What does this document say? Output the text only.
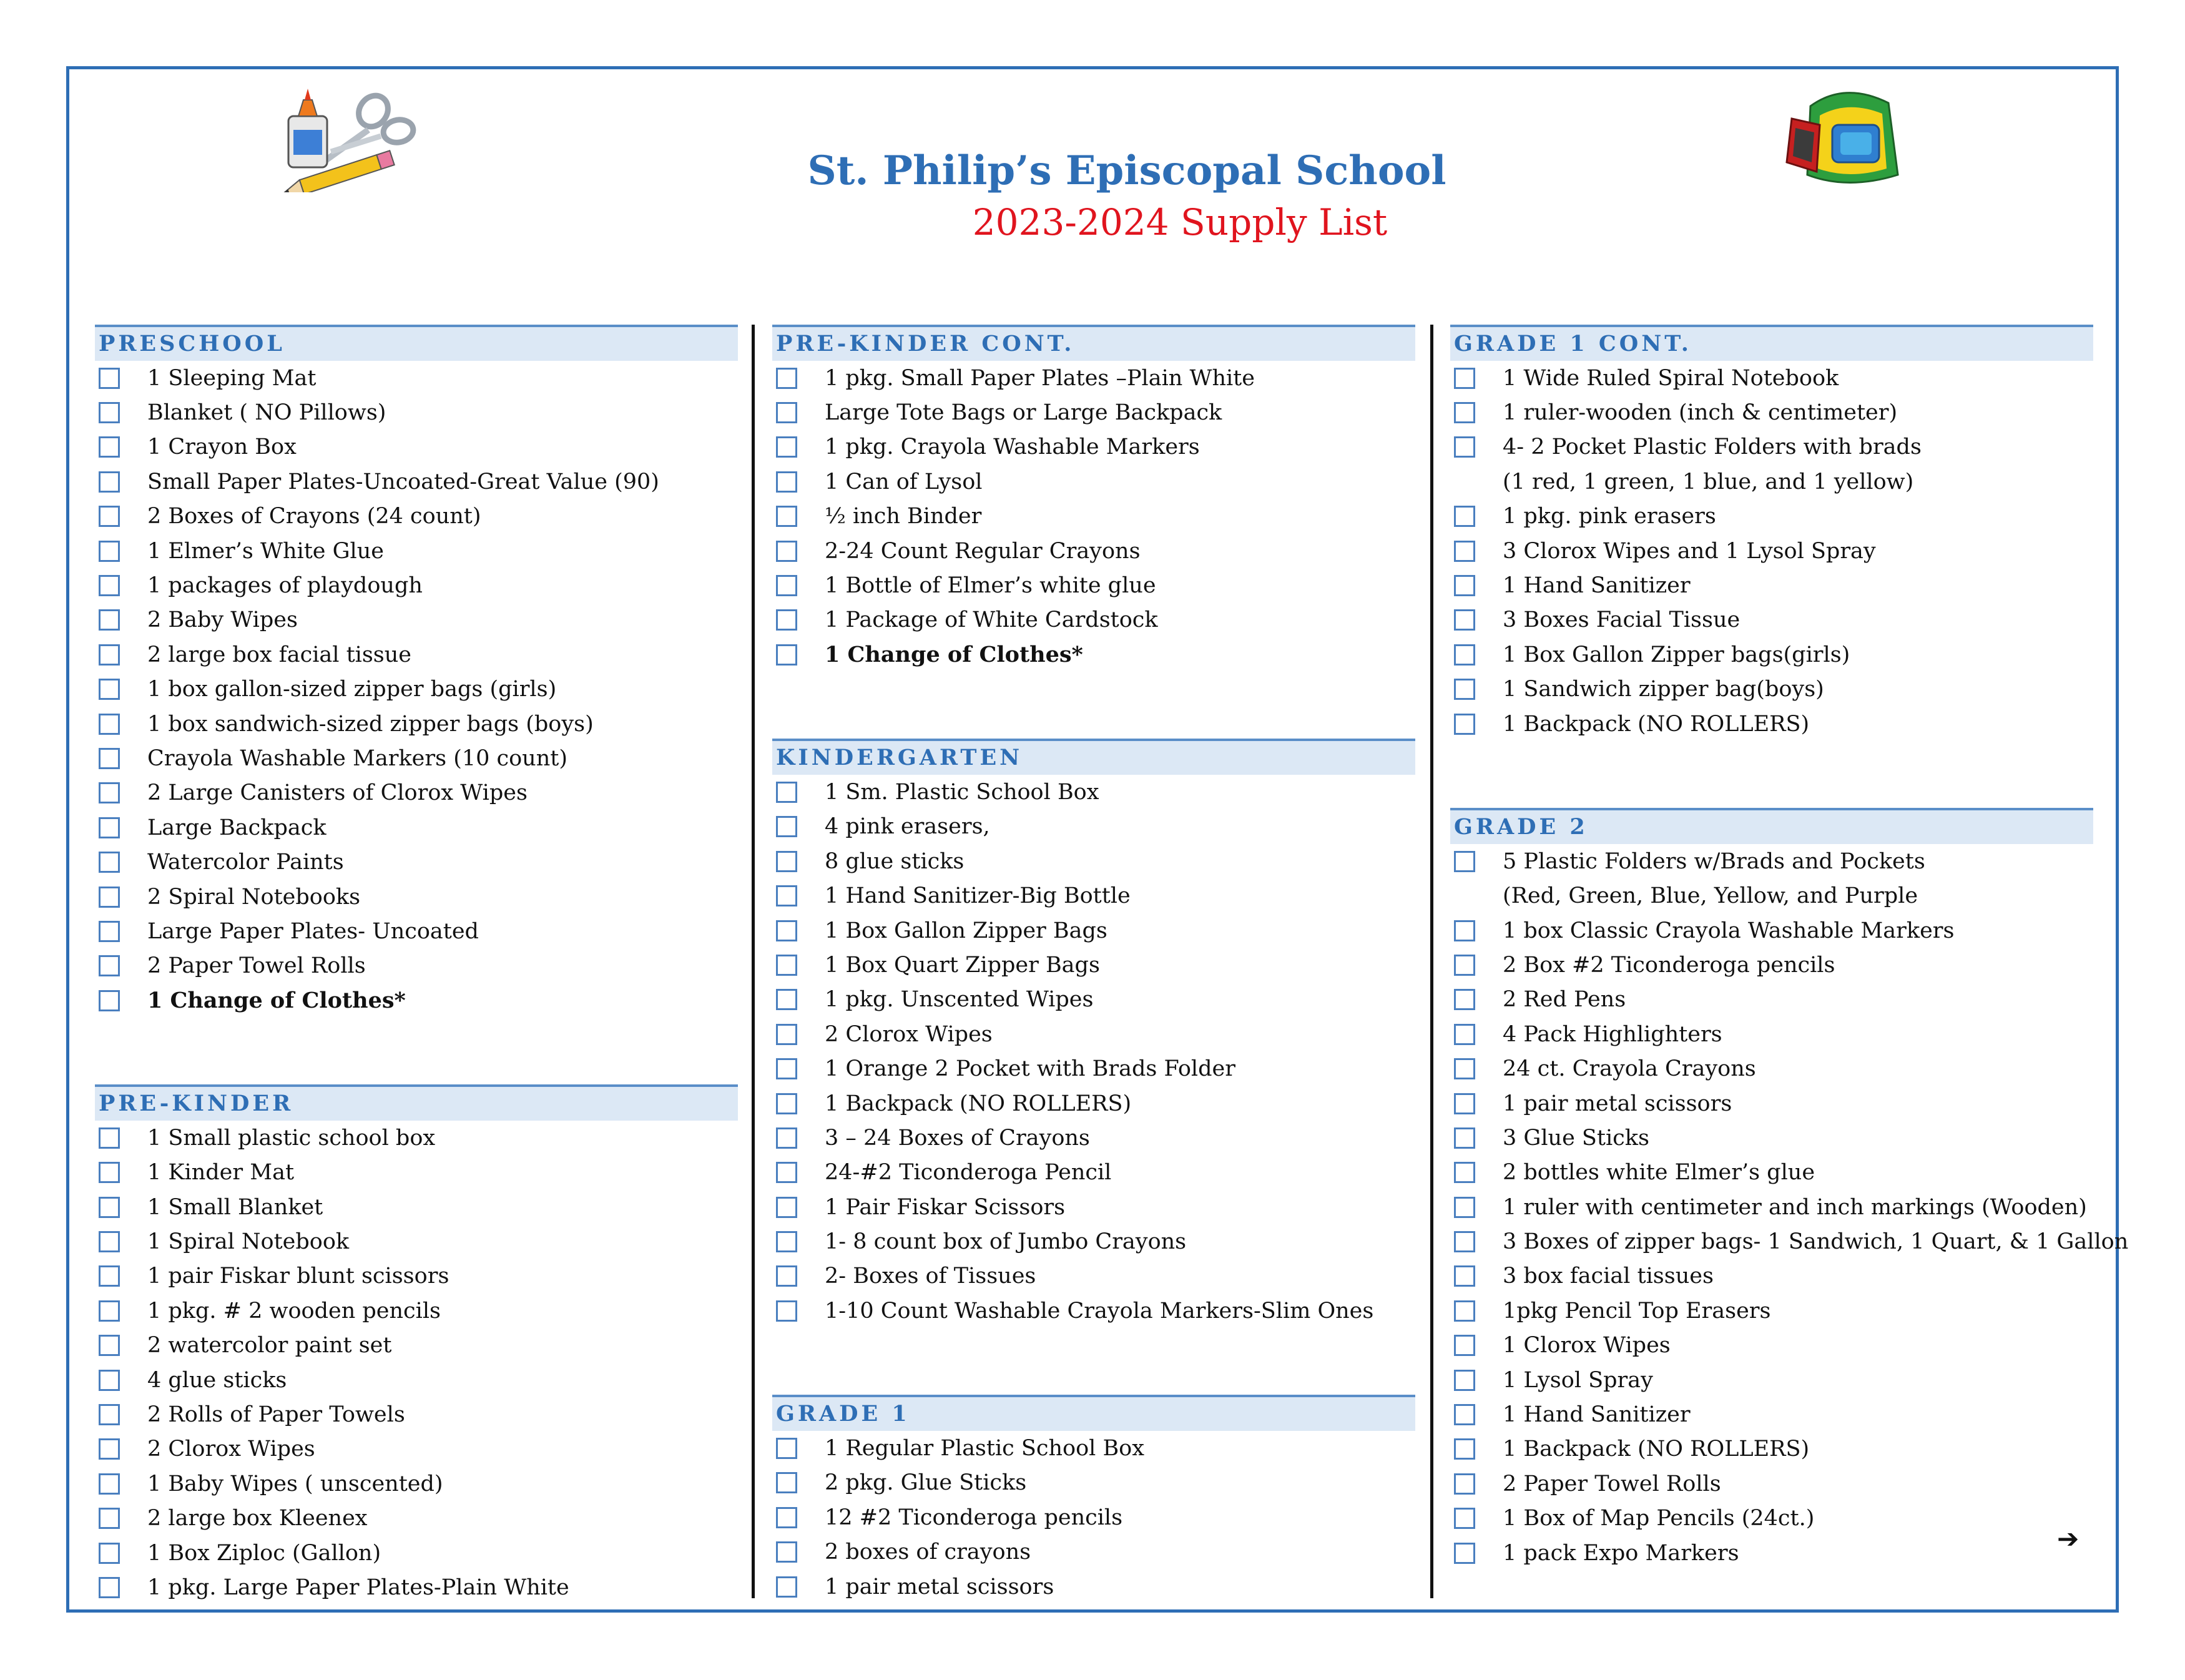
St. Philip’s Episcopal School
2023-2024 Supply List
PRESCHOOL
1 Sleeping Mat
Blanket ( NO Pillows)
1 Crayon Box
Small Paper Plates-Uncoated-Great Value (90)
2 Boxes of Crayons (24 count)
1 Elmer’s White Glue
1 packages of playdough
2 Baby Wipes
2 large box facial tissue
1 box gallon-sized zipper bags (girls)
1 box sandwich-sized zipper bags (boys)
Crayola Washable Markers (10 count)
2 Large Canisters of Clorox Wipes
Large Backpack
Watercolor Paints
2 Spiral Notebooks
Large Paper Plates- Uncoated
2 Paper Towel Rolls
1 Change of Clothes*
PRE-KINDER
1 Small plastic school box
1 Kinder Mat
1 Small Blanket
1 Spiral Notebook
1 pair Fiskar blunt scissors
1 pkg. # 2 wooden pencils
2 watercolor paint set
4 glue sticks
2 Rolls of Paper Towels
2 Clorox Wipes
1 Baby Wipes ( unscented)
2 large box Kleenex
1 Box Ziploc (Gallon)
1 pkg. Large Paper Plates-Plain White
PRE-KINDER CONT.
1 pkg. Small Paper Plates –Plain White
Large Tote Bags or Large Backpack
1 pkg. Crayola Washable Markers
1 Can of Lysol
½ inch Binder
2-24 Count Regular Crayons
1 Bottle of Elmer’s white glue
1 Package of White Cardstock
1 Change of Clothes*
KINDERGARTEN
1 Sm. Plastic School Box
4 pink erasers,
8 glue sticks
1 Hand Sanitizer-Big Bottle
1 Box Gallon Zipper Bags
1 Box Quart Zipper Bags
1 pkg. Unscented Wipes
2 Clorox Wipes
1 Orange 2 Pocket with Brads Folder
1 Backpack (NO ROLLERS)
3 – 24 Boxes of Crayons
24-#2 Ticonderoga Pencil
1 Pair Fiskar Scissors
1- 8 count box of Jumbo Crayons
2- Boxes of Tissues
1-10 Count Washable Crayola Markers-Slim Ones
GRADE 1
1 Regular Plastic School Box
2 pkg. Glue Sticks
12 #2 Ticonderoga pencils
2 boxes of crayons
1 pair metal scissors
GRADE 1 CONT.
1 Wide Ruled Spiral Notebook
1 ruler-wooden (inch & centimeter)
4- 2 Pocket Plastic Folders with brads
(1 red, 1 green, 1 blue, and 1 yellow)
1 pkg. pink erasers
3 Clorox Wipes and 1 Lysol Spray
1 Hand Sanitizer
3 Boxes Facial Tissue
1 Box Gallon Zipper bags(girls)
1 Sandwich zipper bag(boys)
1 Backpack (NO ROLLERS)
GRADE 2
5 Plastic Folders w/Brads and Pockets
(Red, Green, Blue, Yellow, and Purple
1 box Classic Crayola Washable Markers
2 Box #2 Ticonderoga pencils
2 Red Pens
4 Pack Highlighters
24 ct. Crayola Crayons
1 pair metal scissors
3 Glue Sticks
2 bottles white Elmer’s glue
1 ruler with centimeter and inch markings (Wooden)
3 Boxes of zipper bags- 1 Sandwich, 1 Quart, & 1 Gallon
3 box facial tissues
1pkg Pencil Top Erasers
1 Clorox Wipes
1 Lysol Spray
1 Hand Sanitizer
1 Backpack (NO ROLLERS)
2 Paper Towel Rolls
1 Box of Map Pencils (24ct.)
1 pack Expo Markers	➔
